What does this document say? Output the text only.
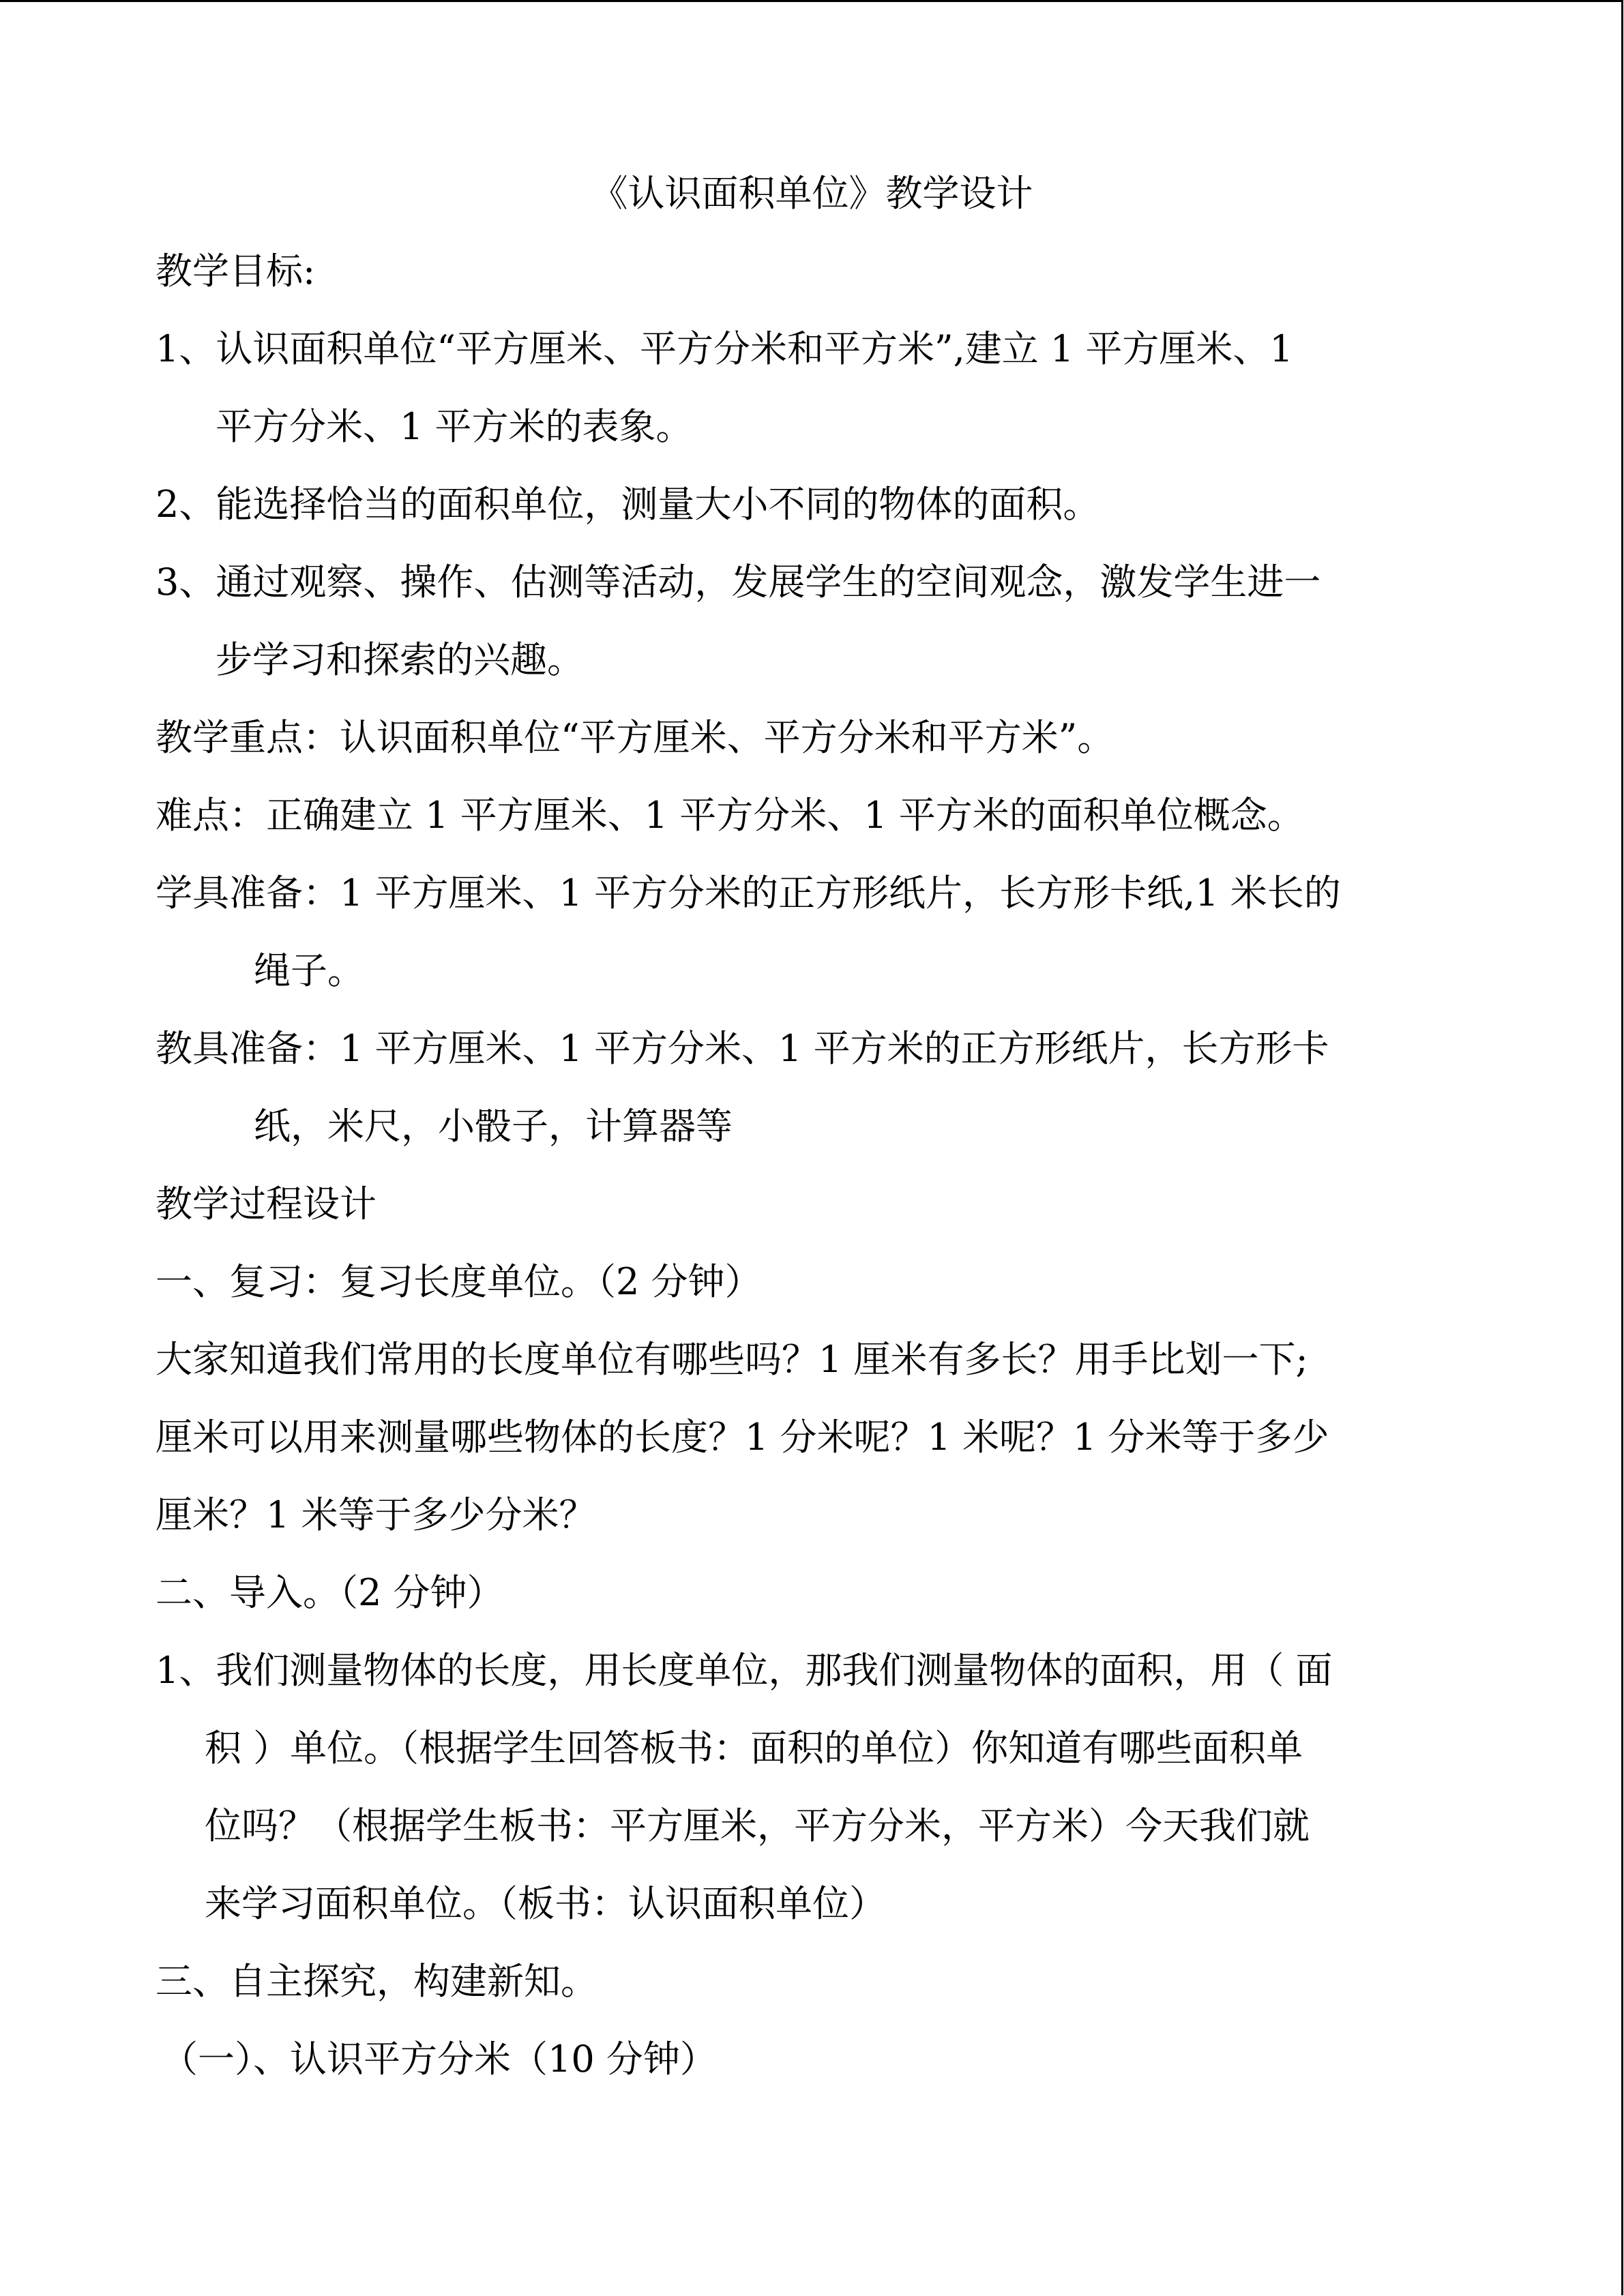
《认识面积单位》教学设计
教学目标:
1、认识面积单位“平方厘米、平方分米和平方米”,建立 1 平方厘米、1
平方分米、1 平方米的表象。
2、能选择恰当的面积单位，测量大小不同的物体的面积。
3、通过观察、操作、估测等活动，发展学生的空间观念，激发学生进一
步学习和探索的兴趣。
教学重点：认识面积单位“平方厘米、平方分米和平方米”。
难点：正确建立 1 平方厘米、1 平方分米、1 平方米的面积单位概念。
学具准备：1 平方厘米、1 平方分米的正方形纸片，长方形卡纸,1 米长的
绳子。
教具准备：1 平方厘米、1 平方分米、1 平方米的正方形纸片，长方形卡
纸，米尺，小骰子，计算器等
教学过程设计
一、复习：复习长度单位。（2 分钟）
大家知道我们常用的长度单位有哪些吗？1 厘米有多长？用手比划一下;
厘米可以用来测量哪些物体的长度？1 分米呢？1 米呢？1 分米等于多少
厘米？1 米等于多少分米？
二、导入。（2 分钟）
1、我们测量物体的长度，用长度单位，那我们测量物体的面积，用（ 面
积 ）单位。（根据学生回答板书：面积的单位）你知道有哪些面积单
位吗？（根据学生板书：平方厘米，平方分米，平方米）今天我们就
来学习面积单位。（板书：认识面积单位）
三、自主探究，构建新知。
（一）、认识平方分米（10 分钟）
